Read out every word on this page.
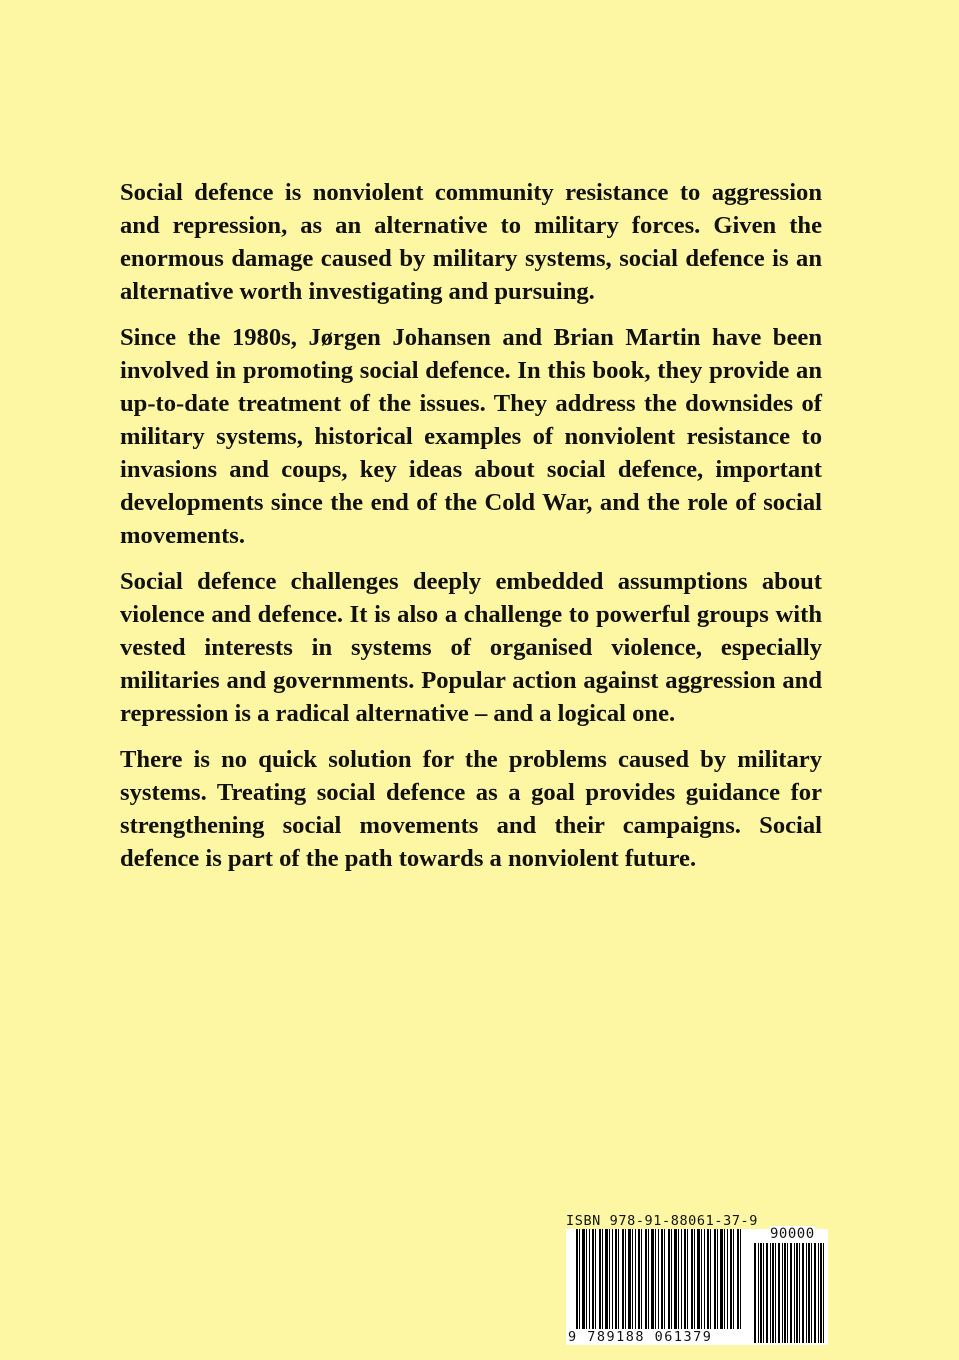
Social defence is nonviolent community resistance to aggression and repression, as an alternative to military forces. Given the enormous damage caused by military systems, social defence is an alternative worth investigating and pursuing.

Since the 1980s, Jørgen Johansen and Brian Martin have been involved in promoting social defence. In this book, they provide an up-to-date treatment of the issues. They address the downsides of military systems, historical examples of nonviolent resistance to invasions and coups, key ideas about social defence, important developments since the end of the Cold War, and the role of social movements.

Social defence challenges deeply embedded assumptions about violence and defence. It is also a challenge to powerful groups with vested interests in systems of organised violence, especially militaries and governments. Popular action against aggression and repression is a radical alternative – and a logical one.

There is no quick solution for the problems caused by military systems. Treating social defence as a goal provides guidance for strengthening social movements and their campaigns. Social defence is part of the path towards a nonviolent future.

ISBN 978-91-88061-37-9
90000
9 789188 061379
